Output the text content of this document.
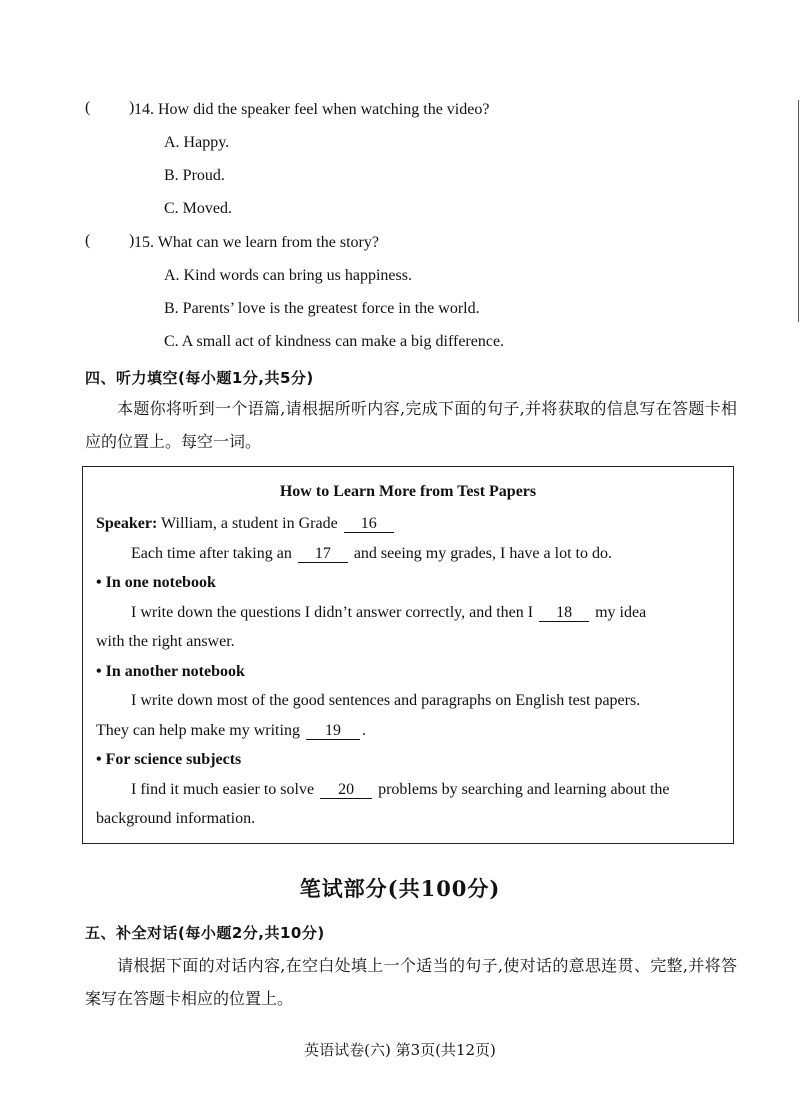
( ) 14. How did the speaker feel when watching the video?
A. Happy.
B. Proud.
C. Moved.
( ) 15. What can we learn from the story?
A. Kind words can bring us happiness.
B. Parents’ love is the greatest force in the world.
C. A small act of kindness can make a big difference.
四、听力填空(每小题1分,共5分)
本题你将听到一个语篇,请根据所听内容,完成下面的句子,并将获取的信息写在答题卡相应的位置上。每空一词。
How to Learn More from Test Papers
Speaker: William, a student in Grade 16
Each time after taking an 17 and seeing my grades, I have a lot to do.
• In one notebook
I write down the questions I didn’t answer correctly, and then I 18 my idea
with the right answer.
• In another notebook
I write down most of the good sentences and paragraphs on English test papers.
They can help make my writing 19 .
• For science subjects
I find it much easier to solve 20 problems by searching and learning about the
background information.
笔试部分(共100分)
五、补全对话(每小题2分,共10分)
请根据下面的对话内容,在空白处填上一个适当的句子,使对话的意思连贯、完整,并将答案写在答题卡相应的位置上。
英语试卷(六) 第3页(共12页)
